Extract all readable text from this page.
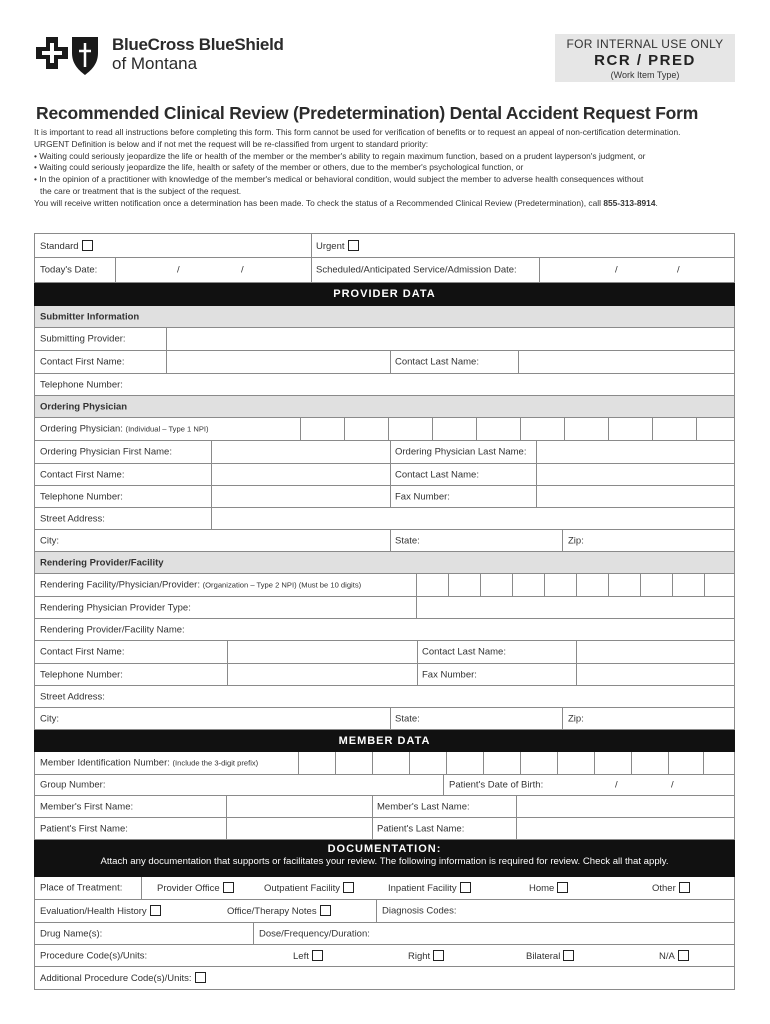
BlueCross BlueShield
of Montana
FOR INTERNAL USE ONLY
RCR / PRED
(Work Item Type)
Recommended Clinical Review (Predetermination) Dental Accident Request Form

It is important to read all instructions before completing this form. This form cannot be used for verification of benefits or to request an appeal of non-certification determination.

URGENT Definition is below and if not met the request will be re-classified from urgent to standard priority:

• Waiting could seriously jeopardize the life or health of the member or the member's ability to regain maximum function, based on a prudent layperson's judgment, or

• Waiting could seriously jeopardize the life, health or safety of the member or others, due to the member's psychological function, or

• In the opinion of a practitioner with knowledge of the member's medical or behavioral condition, would subject the member to adverse health consequences without

the care or treatment that is the subject of the request.

You will receive written notification once a determination has been made. To check the status of a Recommended Clinical Review (Predetermination), call 855-313-8914.

Standard	Urgent
Today's Date:	/	/	Scheduled/Anticipated Service/Admission Date:	/	/
PROVIDER DATA
Submitter Information
Submitting Provider:
Contact First Name:	Contact Last Name:
Telephone Number:
Ordering Physician
Ordering Physician: (Individual – Type 1 NPI)
Ordering Physician First Name:	Ordering Physician Last Name:
Contact First Name:	Contact Last Name:
Telephone Number:	Fax Number:
Street Address:
City:	State:	Zip:
Rendering Provider/Facility
Rendering Facility/Physician/Provider: (Organization – Type 2 NPI) (Must be 10 digits)
Rendering Physician Provider Type:
Rendering Provider/Facility Name:
Contact First Name:	Contact Last Name:
Telephone Number:	Fax Number:
Street Address:
City:	State:	Zip:
MEMBER DATA
Member Identification Number: (Include the 3-digit prefix)
Group Number:	Patient's Date of Birth:	/	/
Member's First Name:	Member's Last Name:
Patient's First Name:	Patient's Last Name:
DOCUMENTATION:
Attach any documentation that supports or facilitates your review. The following information is required for review. Check all that apply.
Place of Treatment:	Provider Office	Outpatient Facility	Inpatient Facility	Home	Other
Evaluation/Health History	Office/Therapy Notes	Diagnosis Codes:
Drug Name(s):	Dose/Frequency/Duration:
Procedure Code(s)/Units:	Left	Right	Bilateral	N/A
Additional Procedure Code(s)/Units:
